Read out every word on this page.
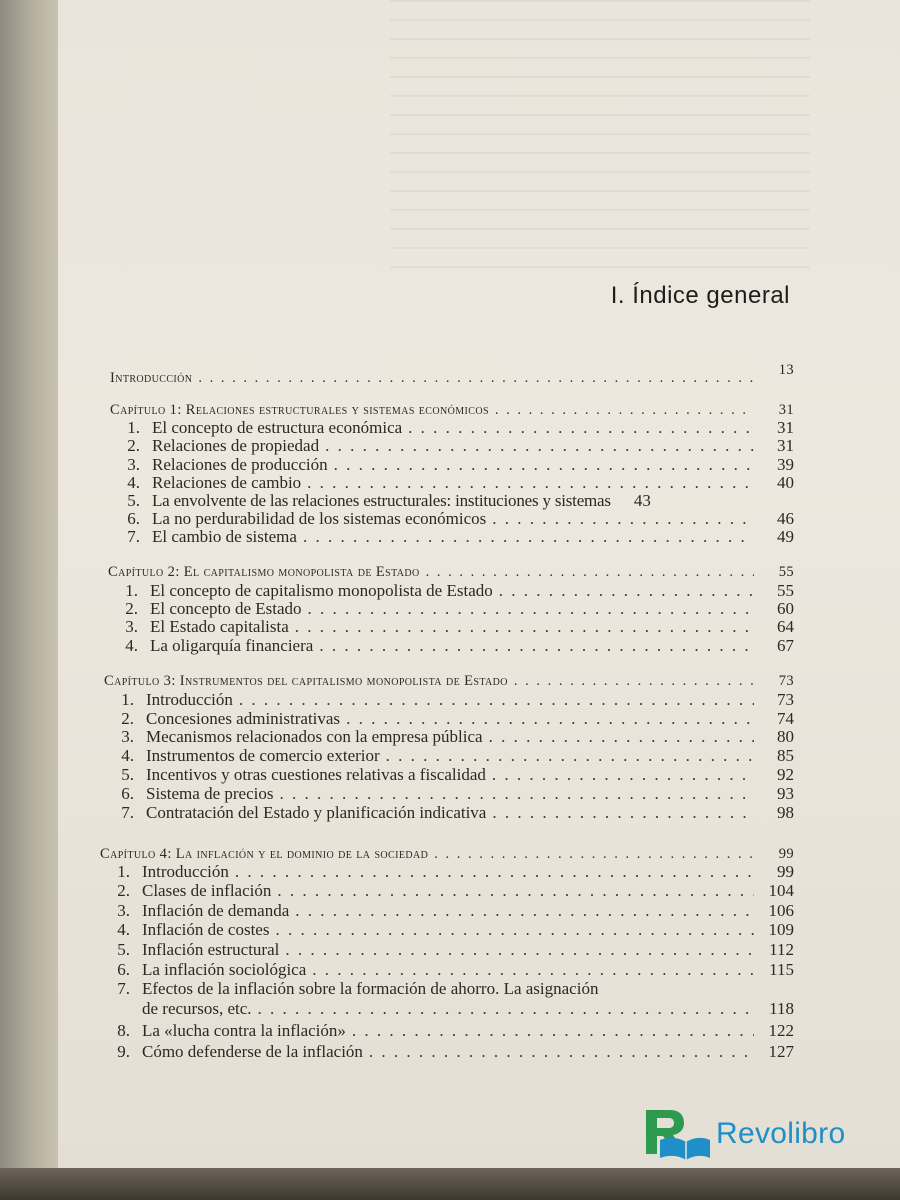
I. Índice general
Introducción . . .	13
Capítulo 1: Relaciones estructurales y sistemas económicos . . .	31
1. El concepto de estructura económica . . .	31
2. Relaciones de propiedad . . .	31
3. Relaciones de producción . . .	39
4. Relaciones de cambio . . .	40
5. La envolvente de las relaciones estructurales: instituciones y sistemas	43
6. La no perdurabilidad de los sistemas económicos . . .	46
7. El cambio de sistema . . .	49
Capítulo 2: El capitalismo monopolista de Estado . . .	55
1. El concepto de capitalismo monopolista de Estado . . .	55
2. El concepto de Estado . . .	60
3. El Estado capitalista . . .	64
4. La oligarquía financiera . . .	67
Capítulo 3: Instrumentos del capitalismo monopolista de Estado . . .	73
1. Introducción . . .	73
2. Concesiones administrativas . . .	74
3. Mecanismos relacionados con la empresa pública . . .	80
4. Instrumentos de comercio exterior . . .	85
5. Incentivos y otras cuestiones relativas a fiscalidad . . .	92
6. Sistema de precios . . .	93
7. Contratación del Estado y planificación indicativa . . .	98
Capítulo 4: La inflación y el dominio de la sociedad . . .	99
1. Introducción . . .	99
2. Clases de inflación . . .	104
3. Inflación de demanda . . .	106
4. Inflación de costes . . .	109
5. Inflación estructural . . .	112
6. La inflación sociológica . . .	115
7. Efectos de la inflación sobre la formación de ahorro. La asignación
de recursos, etc. . . .	118
8. La «lucha contra la inflación» . . .	122
9. Cómo defenderse de la inflación . . .	127
Revolibro
